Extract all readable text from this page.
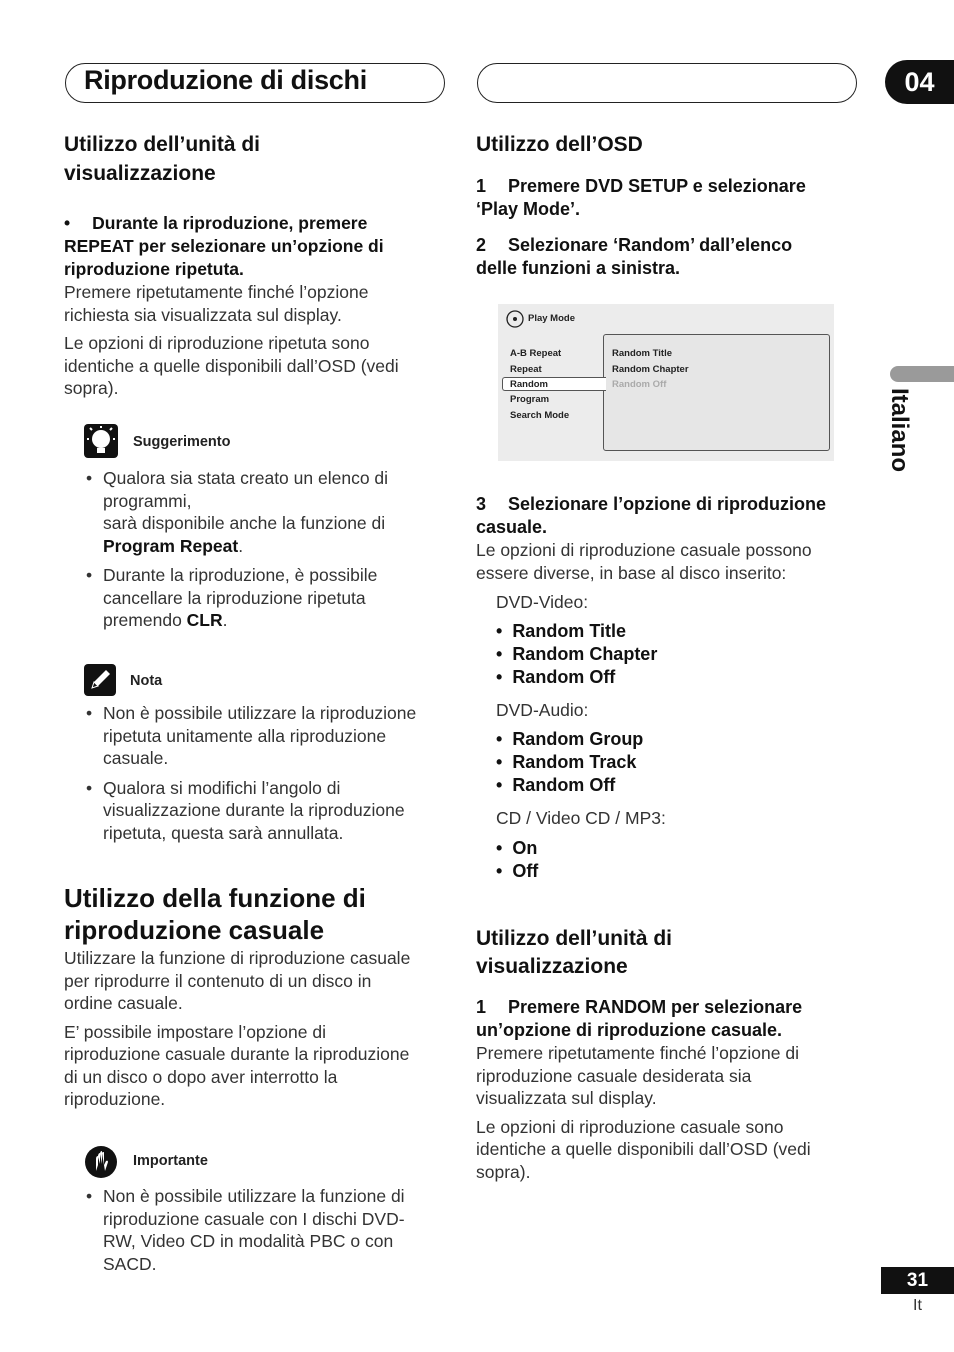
Riproduzione di dischi	04
Italiano
Utilizzo dell’unità di
visualizzazione
• Durante la riproduzione, premere
REPEAT per selezionare un’opzione di
riproduzione ripetuta.
Premere ripetutamente finché l’opzione
richiesta sia visualizzata sul display.
Le opzioni di riproduzione ripetuta sono
identiche a quelle disponibili dall’OSD (vedi
sopra).
Suggerimento
• Qualora sia stata creato un elenco di
programmi,
sarà disponibile anche la funzione di
Program Repeat.
• Durante la riproduzione, è possibile
cancellare la riproduzione ripetuta
premendo CLR.
Nota
• Non è possibile utilizzare la riproduzione
ripetuta unitamente alla riproduzione
casuale.
• Qualora si modifichi l’angolo di
visualizzazione durante la riproduzione
ripetuta, questa sarà annullata.
Utilizzo della funzione di
riproduzione casuale
Utilizzare la funzione di riproduzione casuale
per riprodurre il contenuto di un disco in
ordine casuale.
E’ possibile impostare l’opzione di
riproduzione casuale durante la riproduzione
di un disco o dopo aver interrotto la
riproduzione.
Importante
• Non è possibile utilizzare la funzione di
riproduzione casuale con I dischi DVD-
RW, Video CD in modalità PBC o con
SACD.
Utilizzo dell’OSD
1 Premere DVD SETUP e selezionare
‘Play Mode’.
2 Selezionare ‘Random’ dall’elenco
delle funzioni a sinistra.
Play Mode
A-B Repeat
Repeat
Random
Program
Search Mode
Random Title
Random Chapter
Random Off
3 Selezionare l’opzione di riproduzione
casuale.
Le opzioni di riproduzione casuale possono
essere diverse, in base al disco inserito:
DVD-Video:
• Random Title
• Random Chapter
• Random Off
DVD-Audio:
• Random Group
• Random Track
• Random Off
CD / Video CD / MP3:
• On
• Off
Utilizzo dell’unità di
visualizzazione
1 Premere RANDOM per selezionare
un’opzione di riproduzione casuale.
Premere ripetutamente finché l’opzione di
riproduzione casuale desiderata sia
visualizzata sul display.
Le opzioni di riproduzione casuale sono
identiche a quelle disponibili dall’OSD (vedi
sopra).
31
It
